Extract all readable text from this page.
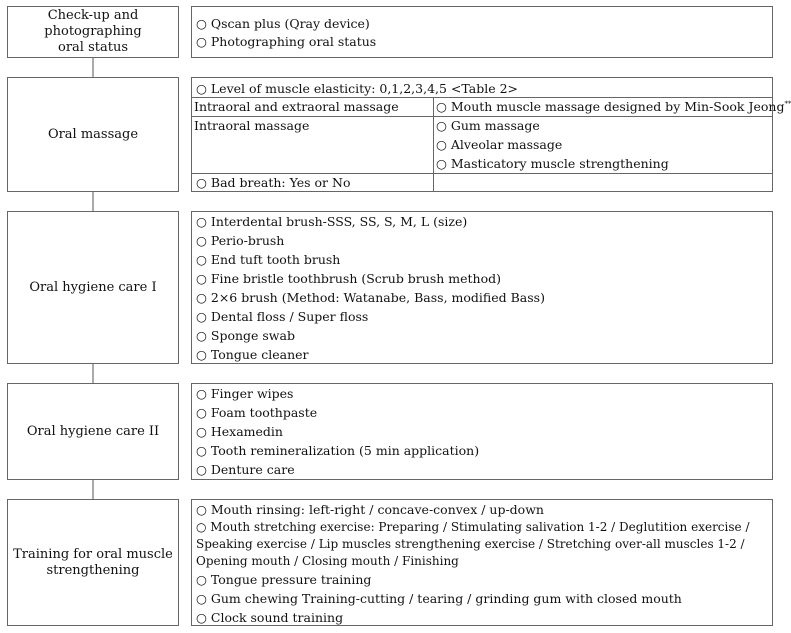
Check-up and
photographing
oral status
○ Qscan plus (Qray device)
○ Photographing oral status
Oral massage
○ Level of muscle elasticity: 0,1,2,3,4,5 <Table 2>
Intraoral and extraoral massage	○ Mouth muscle massage designed by Min-Sook Jeong**
Intraoral massage	○ Gum massage
○ Alveolar massage
○ Masticatory muscle strengthening
○ Bad breath: Yes or No
Oral hygiene care I
○ Interdental brush-SSS, SS, S, M, L (size)
○ Perio-brush
○ End tuft tooth brush
○ Fine bristle toothbrush (Scrub brush method)
○ 2×6 brush (Method: Watanabe, Bass, modified Bass)
○ Dental floss / Super floss
○ Sponge swab
○ Tongue cleaner
Oral hygiene care II
○ Finger wipes
○ Foam toothpaste
○ Hexamedin
○ Tooth remineralization (5 min application)
○ Denture care
Training for oral muscle
strengthening
○ Mouth rinsing: left-right / concave-convex / up-down
○ Mouth stretching exercise: Preparing / Stimulating salivation 1-2 / Deglutition exercise / Speaking exercise / Lip muscles strengthening exercise / Stretching over-all muscles 1-2 / Opening mouth / Closing mouth / Finishing
○ Tongue pressure training
○ Gum chewing Training-cutting / tearing / grinding gum with closed mouth
○ Clock sound training
